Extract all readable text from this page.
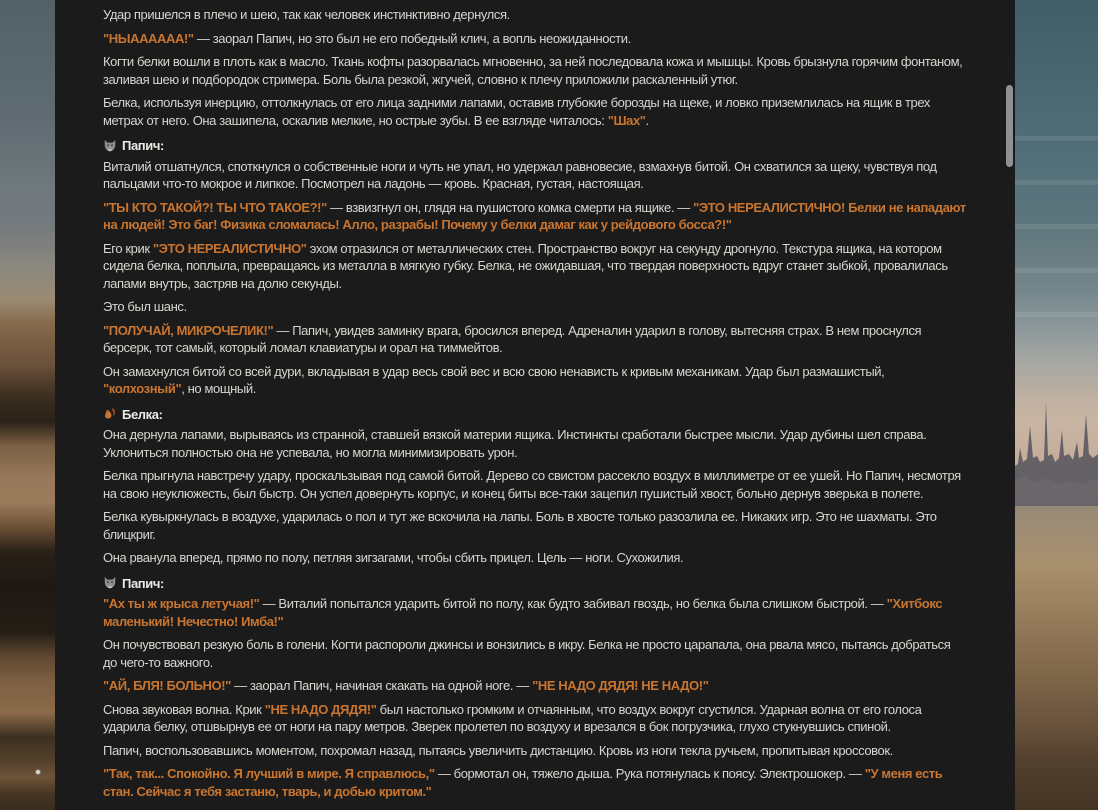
Удар пришелся в плечо и шею, так как человек инстинктивно дернулся.

"НЫАААААА!" — заорал Папич, но это был не его победный клич, а вопль неожиданности.

Когти белки вошли в плоть как в масло. Ткань кофты разорвалась мгновенно, за ней последовала кожа и мышцы. Кровь брызнула горячим фонтаном, заливая шею и подбородок стримера. Боль была резкой, жгучей, словно к плечу приложили раскаленный утюг.

Белка, используя инерцию, оттолкнулась от его лица задними лапами, оставив глубокие борозды на щеке, и ловко приземлилась на ящик в трех метрах от него. Она зашипела, оскалив мелкие, но острые зубы. В ее взгляде читалось: "Шах".

Папич:

Виталий отшатнулся, споткнулся о собственные ноги и чуть не упал, но удержал равновесие, взмахнув битой. Он схватился за щеку, чувствуя под пальцами что-то мокрое и липкое. Посмотрел на ладонь — кровь. Красная, густая, настоящая.

"ТЫ КТО ТАКОЙ?! ТЫ ЧТО ТАКОЕ?!" — взвизгнул он, глядя на пушистого комка смерти на ящике. — "ЭТО НЕРЕАЛИСТИЧНО! Белки не нападают на людей! Это баг! Физика сломалась! Алло, разрабы! Почему у белки дамаг как у рейдового босса?!"

Его крик "ЭТО НЕРЕАЛИСТИЧНО" эхом отразился от металлических стен. Пространство вокруг на секунду дрогнуло. Текстура ящика, на котором сидела белка, поплыла, превращаясь из металла в мягкую губку. Белка, не ожидавшая, что твердая поверхность вдруг станет зыбкой, провалилась лапами внутрь, застряв на долю секунды.

Это был шанс.

"ПОЛУЧАЙ, МИКРОЧЕЛИК!" — Папич, увидев заминку врага, бросился вперед. Адреналин ударил в голову, вытесняя страх. В нем проснулся берсерк, тот самый, который ломал клавиатуры и орал на тиммейтов.

Он замахнулся битой со всей дури, вкладывая в удар весь свой вес и всю свою ненависть к кривым механикам. Удар был размашистый, "колхозный", но мощный.

Белка:

Она дернула лапами, вырываясь из странной, ставшей вязкой материи ящика. Инстинкты сработали быстрее мысли. Удар дубины шел справа. Уклониться полностью она не успевала, но могла минимизировать урон.

Белка прыгнула навстречу удару, проскальзывая под самой битой. Дерево со свистом рассекло воздух в миллиметре от ее ушей. Но Папич, несмотря на свою неуклюжесть, был быстр. Он успел довернуть корпус, и конец биты все-таки зацепил пушистый хвост, больно дернув зверька в полете.

Белка кувыркнулась в воздухе, ударилась о пол и тут же вскочила на лапы. Боль в хвосте только разозлила ее. Никаких игр. Это не шахматы. Это блицкриг.

Она рванула вперед, прямо по полу, петляя зигзагами, чтобы сбить прицел. Цель — ноги. Сухожилия.

Папич:

"Ах ты ж крыса летучая!" — Виталий попытался ударить битой по полу, как будто забивал гвоздь, но белка была слишком быстрой. — "Хитбокс маленький! Нечестно! Имба!"

Он почувствовал резкую боль в голени. Когти распороли джинсы и вонзились в икру. Белка не просто царапала, она рвала мясо, пытаясь добраться до чего-то важного.

"АЙ, БЛЯ! БОЛЬНО!" — заорал Папич, начиная скакать на одной ноге. — "НЕ НАДО ДЯДЯ! НЕ НАДО!"

Снова звуковая волна. Крик "НЕ НАДО ДЯДЯ!" был настолько громким и отчаянным, что воздух вокруг сгустился. Ударная волна от его голоса ударила белку, отшвырнув ее от ноги на пару метров. Зверек пролетел по воздуху и врезался в бок погрузчика, глухо стукнувшись спиной.

Папич, воспользовавшись моментом, похромал назад, пытаясь увеличить дистанцию. Кровь из ноги текла ручьем, пропитывая кроссовок.

"Так, так... Спокойно. Я лучший в мире. Я справлюсь," — бормотал он, тяжело дыша. Рука потянулась к поясу. Электрошокер. — "У меня есть стан. Сейчас я тебя застаню, тварь, и добью критом."
